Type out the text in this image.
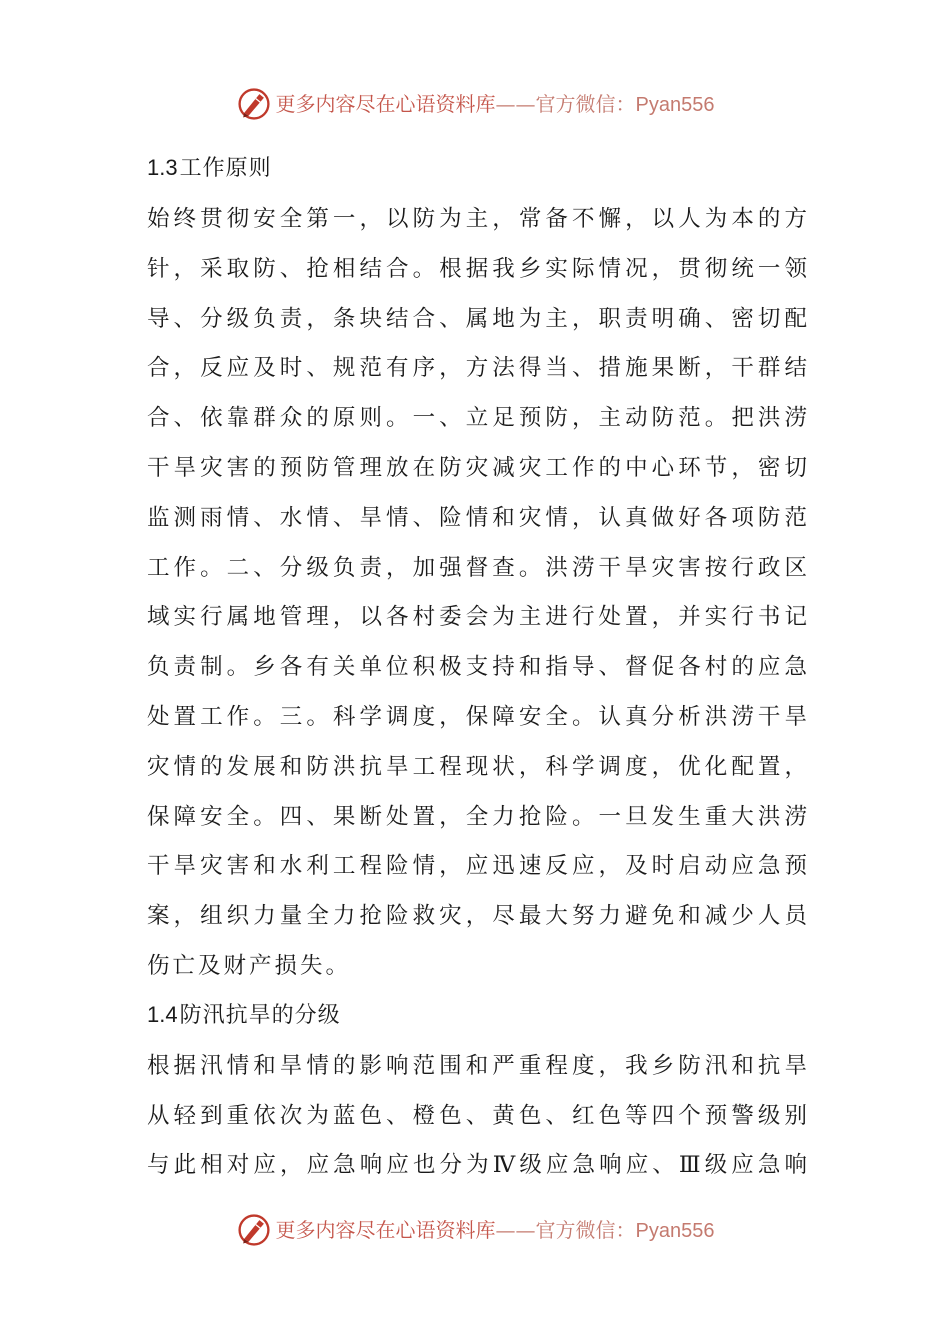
更多内容尽在心语资料库——官方微信：Pyan556
1.3工作原则
始终贯彻安全第一，以防为主，常备不懈，以人为本的方
针，采取防、抢相结合。根据我乡实际情况，贯彻统一领
导、分级负责，条块结合、属地为主，职责明确、密切配
合，反应及时、规范有序，方法得当、措施果断，干群结
合、依靠群众的原则。一、立足预防，主动防范。把洪涝
干旱灾害的预防管理放在防灾减灾工作的中心环节，密切
监测雨情、水情、旱情、险情和灾情，认真做好各项防范
工作。二、分级负责，加强督查。洪涝干旱灾害按行政区
域实行属地管理，以各村委会为主进行处置，并实行书记
负责制。乡各有关单位积极支持和指导、督促各村的应急
处置工作。三。科学调度，保障安全。认真分析洪涝干旱
灾情的发展和防洪抗旱工程现状，科学调度，优化配置，
保障安全。四、果断处置，全力抢险。一旦发生重大洪涝
干旱灾害和水利工程险情，应迅速反应，及时启动应急预
案，组织力量全力抢险救灾，尽最大努力避免和减少人员
伤亡及财产损失。
1.4防汛抗旱的分级
根据汛情和旱情的影响范围和严重程度，我乡防汛和抗旱
从轻到重依次为蓝色、橙色、黄色、红色等四个预警级别
与此相对应，应急响应也分为Ⅳ级应急响应、Ⅲ级应急响
更多内容尽在心语资料库——官方微信：Pyan556
